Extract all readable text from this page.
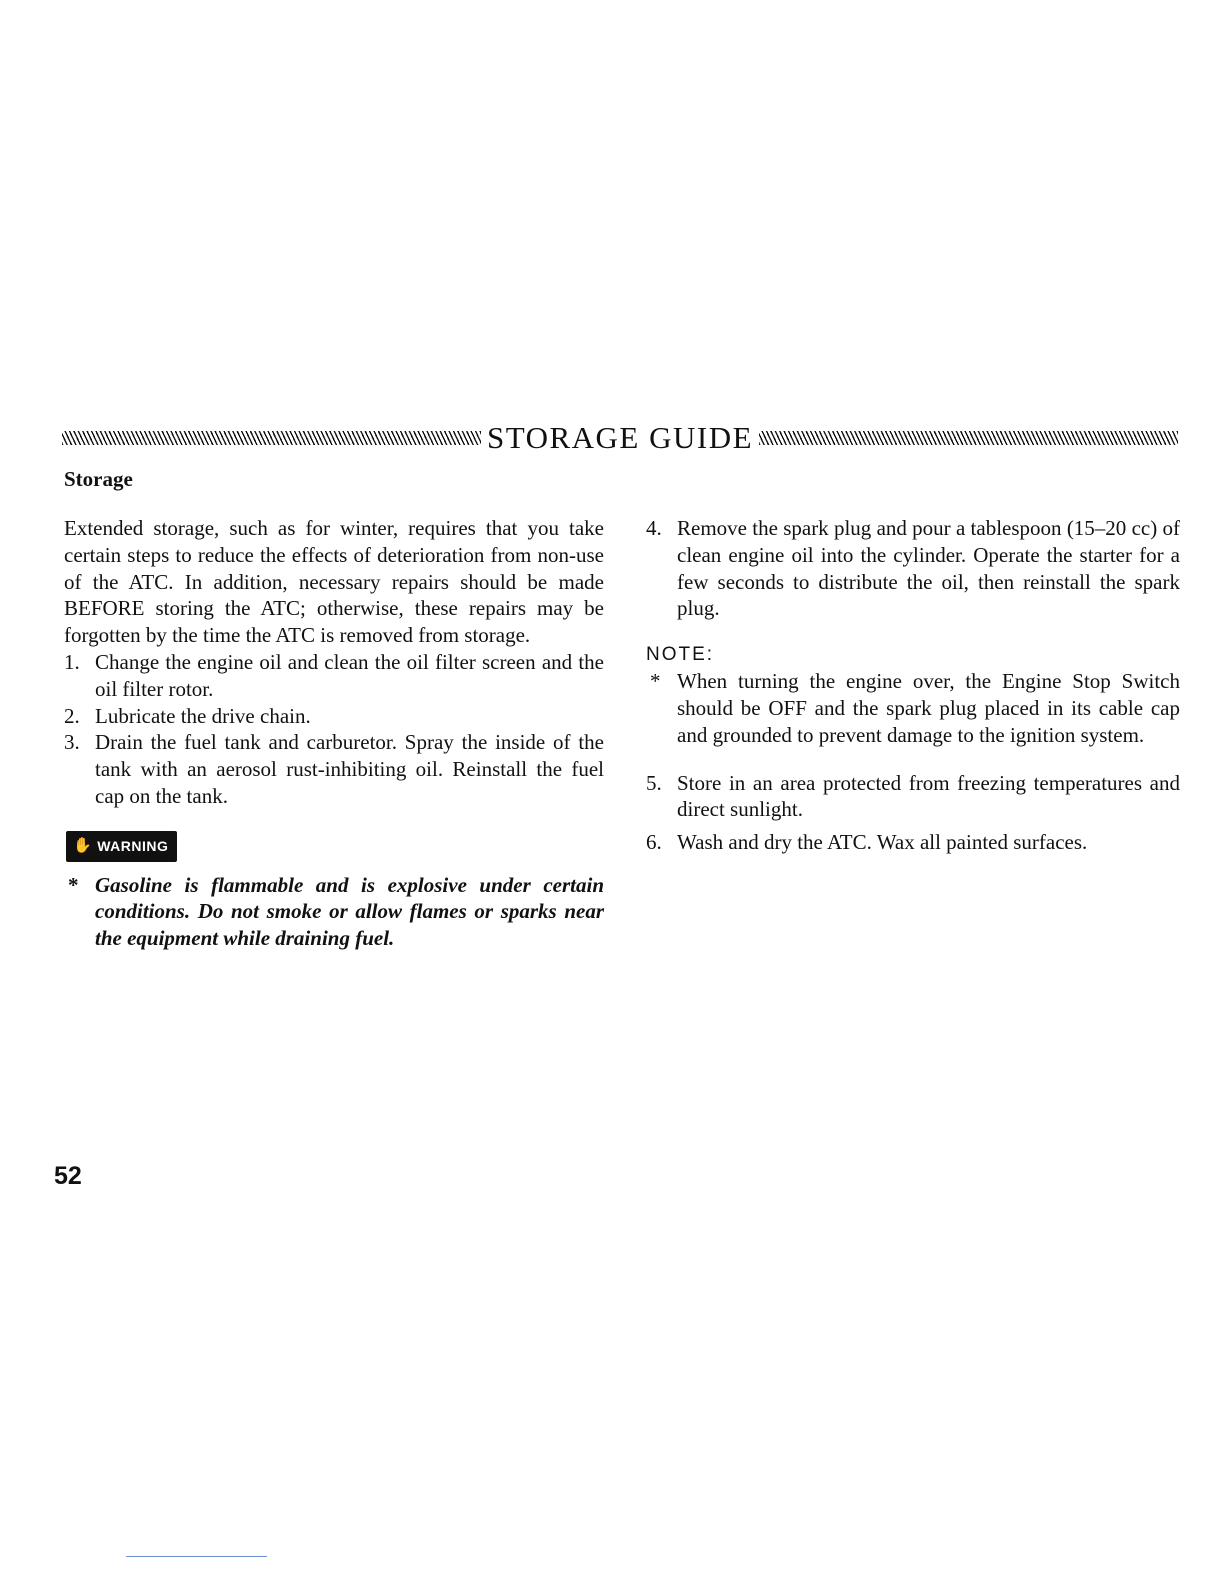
STORAGE GUIDE
Storage

Extended storage, such as for winter, requires that you take certain steps to reduce the effects of deterioration from non-use of the ATC. In addition, necessary repairs should be made BEFORE storing the ATC; otherwise, these repairs may be forgotten by the time the ATC is removed from storage.

1. Change the engine oil and clean the oil filter screen and the oil filter rotor.
2. Lubricate the drive chain.
3. Drain the fuel tank and carburetor. Spray the inside of the tank with an aerosol rust-inhibiting oil. Reinstall the fuel cap on the tank.
✋ WARNING
* Gasoline is flammable and is explosive under certain conditions. Do not smoke or allow flames or sparks near the equipment while draining fuel.
4. Remove the spark plug and pour a tablespoon (15–20 cc) of clean engine oil into the cylinder. Operate the starter for a few seconds to distribute the oil, then reinstall the spark plug.
NOTE:
* When turning the engine over, the Engine Stop Switch should be OFF and the spark plug placed in its cable cap and grounded to prevent damage to the ignition system.
5. Store in an area protected from freezing temperatures and direct sunlight.
6. Wash and dry the ATC. Wax all painted surfaces.
52
